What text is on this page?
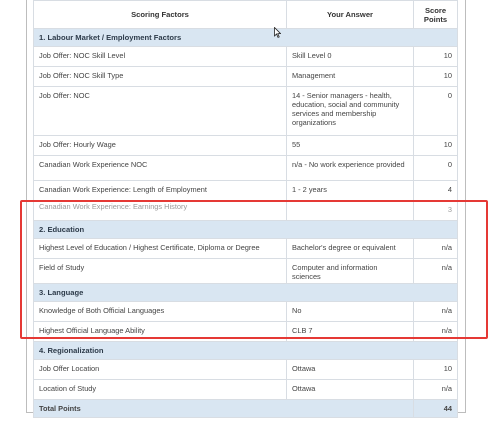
Scoring Factors	Your Answer	Score Points
1. Labour Market / Employment Factors		
Job Offer: NOC Skill Level	Skill Level 0	10
Job Offer: NOC Skill Type	Management	10
Job Offer: NOC	14 - Senior managers - health, education, social and community services and membership organizations	0
Job Offer: Hourly Wage	55	10
Canadian Work Experience NOC	n/a - No work experience provided	0
Canadian Work Experience: Length of Employment	1 - 2 years	4
Canadian Work Experience: Earnings History		3
2. Education		
Highest Level of Education / Highest Certificate, Diploma or Degree	Bachelor's degree or equivalent	n/a
Field of Study	Computer and information sciences	n/a
3. Language		
Knowledge of Both Official Languages	No	n/a
Highest Official Language Ability	CLB 7	n/a
4. Regionalization		
Job Offer Location	Ottawa	10
Location of Study	Ottawa	n/a
Total Points		44
